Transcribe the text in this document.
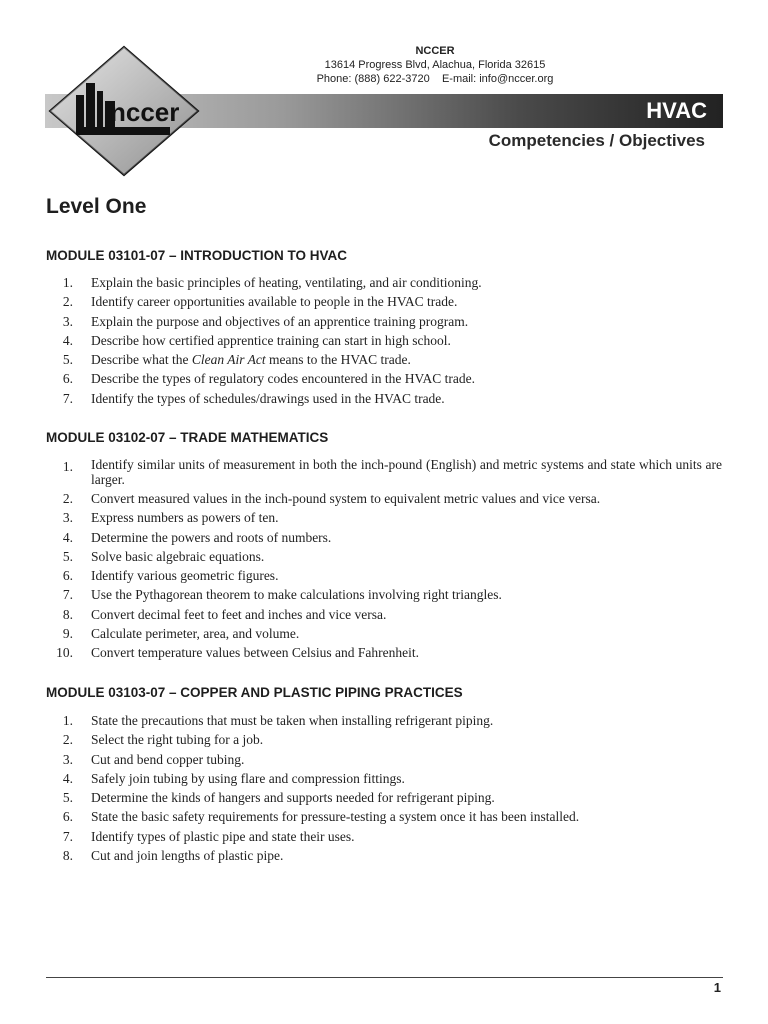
HVAC
nccer
NCCER
13614 Progress Blvd, Alachua, Florida 32615
Phone: (888) 622-3720    E-mail: info@nccer.org
Competencies / Objectives
Level One
MODULE 03101-07 – INTRODUCTION TO HVAC
1. Explain the basic principles of heating, ventilating, and air conditioning.
2. Identify career opportunities available to people in the HVAC trade.
3. Explain the purpose and objectives of an apprentice training program.
4. Describe how certified apprentice training can start in high school.
5. Describe what the Clean Air Act means to the HVAC trade.
6. Describe the types of regulatory codes encountered in the HVAC trade.
7. Identify the types of schedules/drawings used in the HVAC trade.
MODULE 03102-07 – TRADE MATHEMATICS
1. Identify similar units of measurement in both the inch-pound (English) and metric systems and state which units are larger.
2. Convert measured values in the inch-pound system to equivalent metric values and vice versa.
3. Express numbers as powers of ten.
4. Determine the powers and roots of numbers.
5. Solve basic algebraic equations.
6. Identify various geometric figures.
7. Use the Pythagorean theorem to make calculations involving right triangles.
8. Convert decimal feet to feet and inches and vice versa.
9. Calculate perimeter, area, and volume.
10. Convert temperature values between Celsius and Fahrenheit.
MODULE 03103-07 – COPPER AND PLASTIC PIPING PRACTICES
1. State the precautions that must be taken when installing refrigerant piping.
2. Select the right tubing for a job.
3. Cut and bend copper tubing.
4. Safely join tubing by using flare and compression fittings.
5. Determine the kinds of hangers and supports needed for refrigerant piping.
6. State the basic safety requirements for pressure-testing a system once it has been installed.
7. Identify types of plastic pipe and state their uses.
8. Cut and join lengths of plastic pipe.
1
